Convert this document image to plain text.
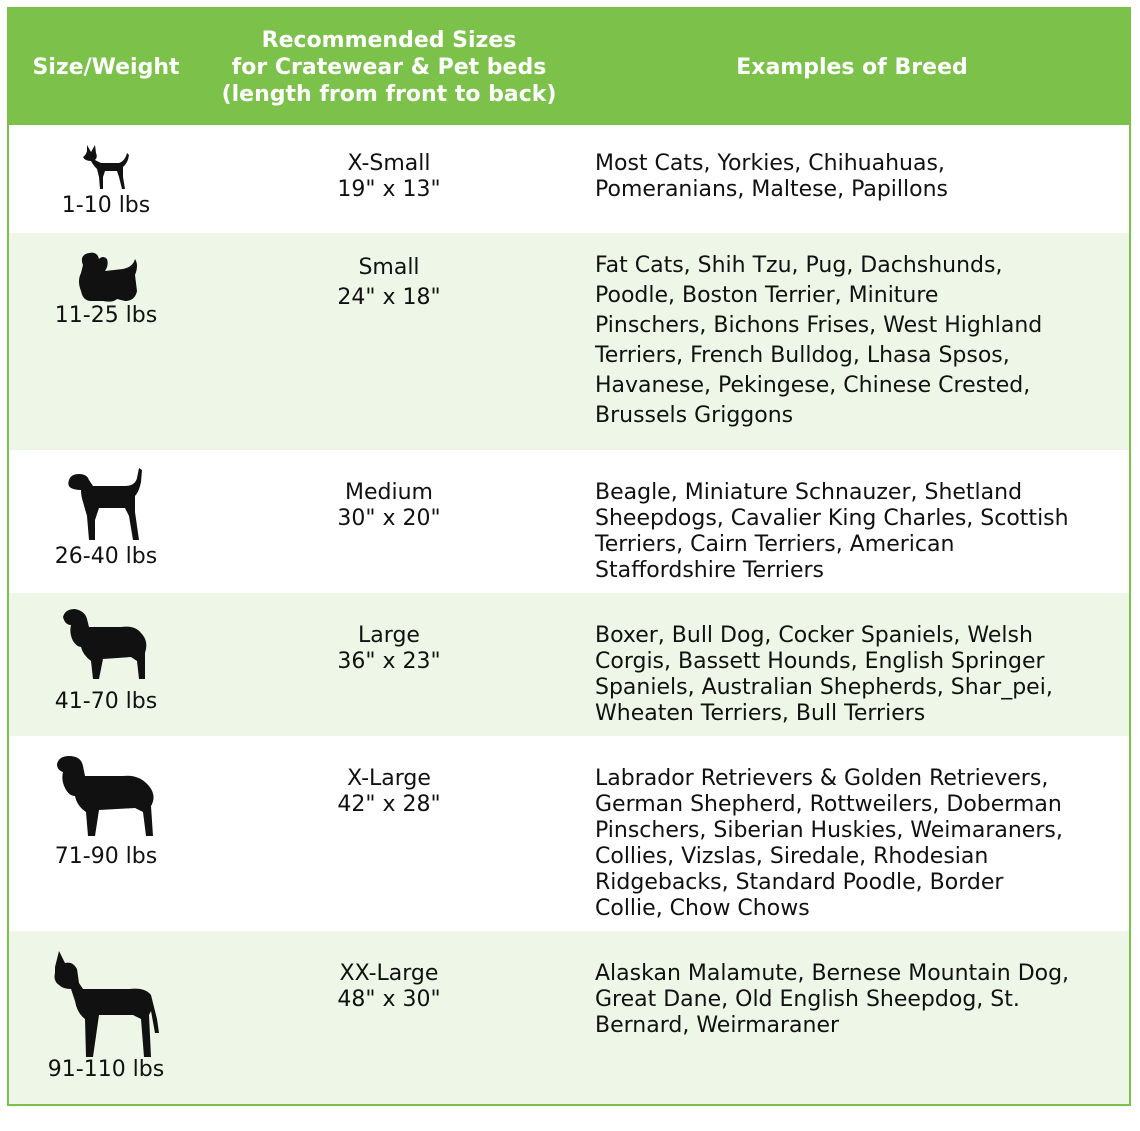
Size/Weight
Recommended Sizes
for Cratewear & Pet beds
(length from front to back)
Examples of Breed
1-10 lbs
X-Small
19" x 13"
Most Cats, Yorkies, Chihuahuas,
Pomeranians, Maltese, Papillons
11-25 lbs
Small
24" x 18"
Fat Cats, Shih Tzu, Pug, Dachshunds,
Poodle, Boston Terrier, Miniture
Pinschers, Bichons Frises, West Highland
Terriers, French Bulldog, Lhasa Spsos,
Havanese, Pekingese, Chinese Crested,
Brussels Griggons
26-40 lbs
Medium
30" x 20"
Beagle, Miniature Schnauzer, Shetland
Sheepdogs, Cavalier King Charles, Scottish
Terriers, Cairn Terriers, American
Staffordshire Terriers
41-70 lbs
Large
36" x 23"
Boxer, Bull Dog, Cocker Spaniels, Welsh
Corgis, Bassett Hounds, English Springer
Spaniels, Australian Shepherds, Shar_pei,
Wheaten Terriers, Bull Terriers
71-90 lbs
X-Large
42" x 28"
Labrador Retrievers & Golden Retrievers,
German Shepherd, Rottweilers, Doberman
Pinschers, Siberian Huskies, Weimaraners,
Collies, Vizslas, Siredale, Rhodesian
Ridgebacks, Standard Poodle, Border
Collie, Chow Chows
91-110 lbs
XX-Large
48" x 30"
Alaskan Malamute, Bernese Mountain Dog,
Great Dane, Old English Sheepdog, St.
Bernard, Weirmaraner
